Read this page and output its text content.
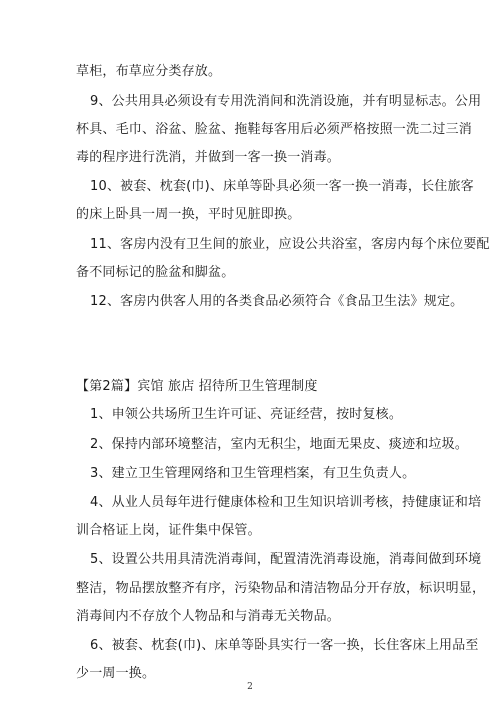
草柜，布草应分类存放。
9、公共用具必须设有专用洗消间和洗消设施，并有明显标志。公用
杯具、毛巾、浴盆、脸盆、拖鞋每客用后必须严格按照一洗二过三消
毒的程序进行洗消，并做到一客一换一消毒。
10、被套、枕套(巾)、床单等卧具必须一客一换一消毒，长住旅客
的床上卧具一周一换，平时见脏即换。
11、客房内没有卫生间的旅业，应设公共浴室，客房内每个床位要配
备不同标记的脸盆和脚盆。
12、客房内供客人用的各类食品必须符合《食品卫生法》规定。
【第2篇】宾馆 旅店 招待所卫生管理制度
1、申领公共场所卫生许可证、亮证经营，按时复核。
2、保持内部环境整洁，室内无积尘，地面无果皮、痰迹和垃圾。
3、建立卫生管理网络和卫生管理档案，有卫生负责人。
4、从业人员每年进行健康体检和卫生知识培训考核，持健康证和培
训合格证上岗，证件集中保管。
5、设置公共用具清洗消毒间，配置清洗消毒设施，消毒间做到环境
整洁，物品摆放整齐有序，污染物品和清洁物品分开存放，标识明显，
消毒间内不存放个人物品和与消毒无关物品。
6、被套、枕套(巾)、床单等卧具实行一客一换，长住客床上用品至
少一周一换。
2
